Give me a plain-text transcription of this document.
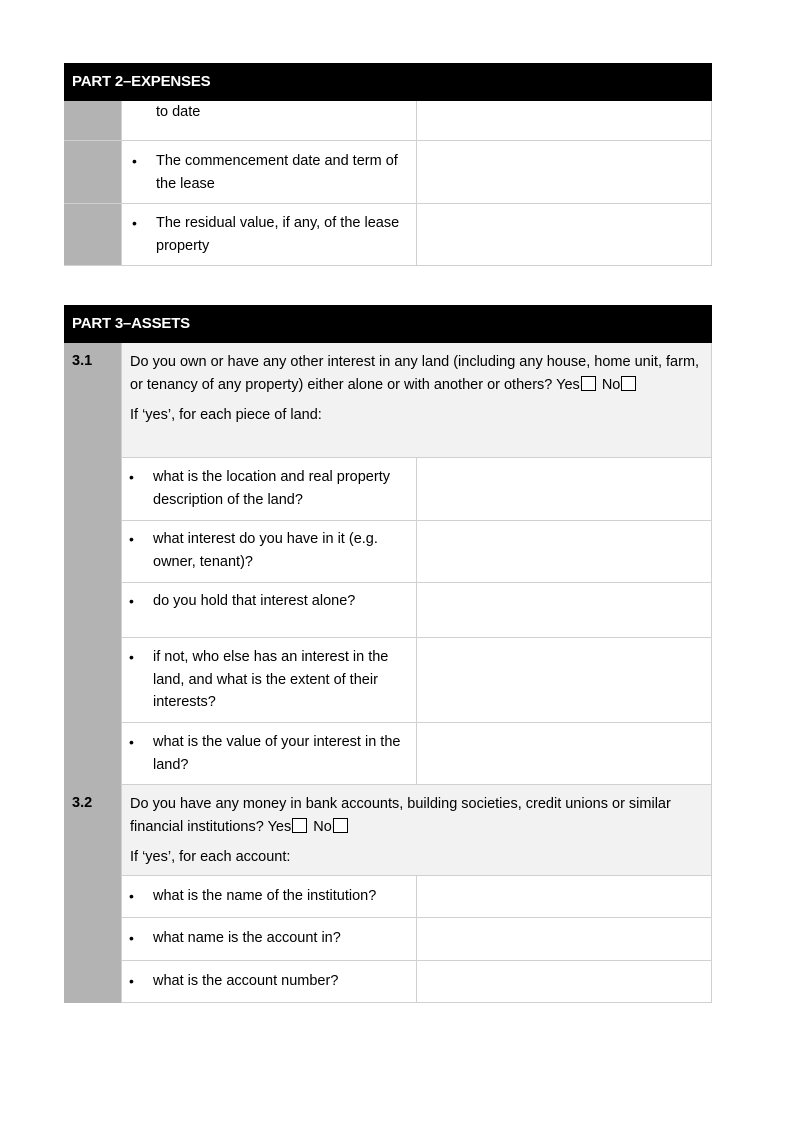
PART 2–EXPENSES
to date
• The commencement date and term of the lease
• The residual value, if any, of the lease property
PART 3–ASSETS
3.1	Do you own or have any other interest in any land (including any house, home unit, farm, or tenancy of any property) either alone or with another or others? Yes No

If ‘yes’, for each piece of land:

• what is the location and real property description of the land?
• what interest do you have in it (e.g. owner, tenant)?
• do you hold that interest alone?
• if not, who else has an interest in the land, and what is the extent of their interests?
• what is the value of your interest in the land?
3.2	Do you have any money in bank accounts, building societies, credit unions or similar financial institutions? Yes No

If ‘yes’, for each account:

• what is the name of the institution?
• what name is the account in?
• what is the account number?
